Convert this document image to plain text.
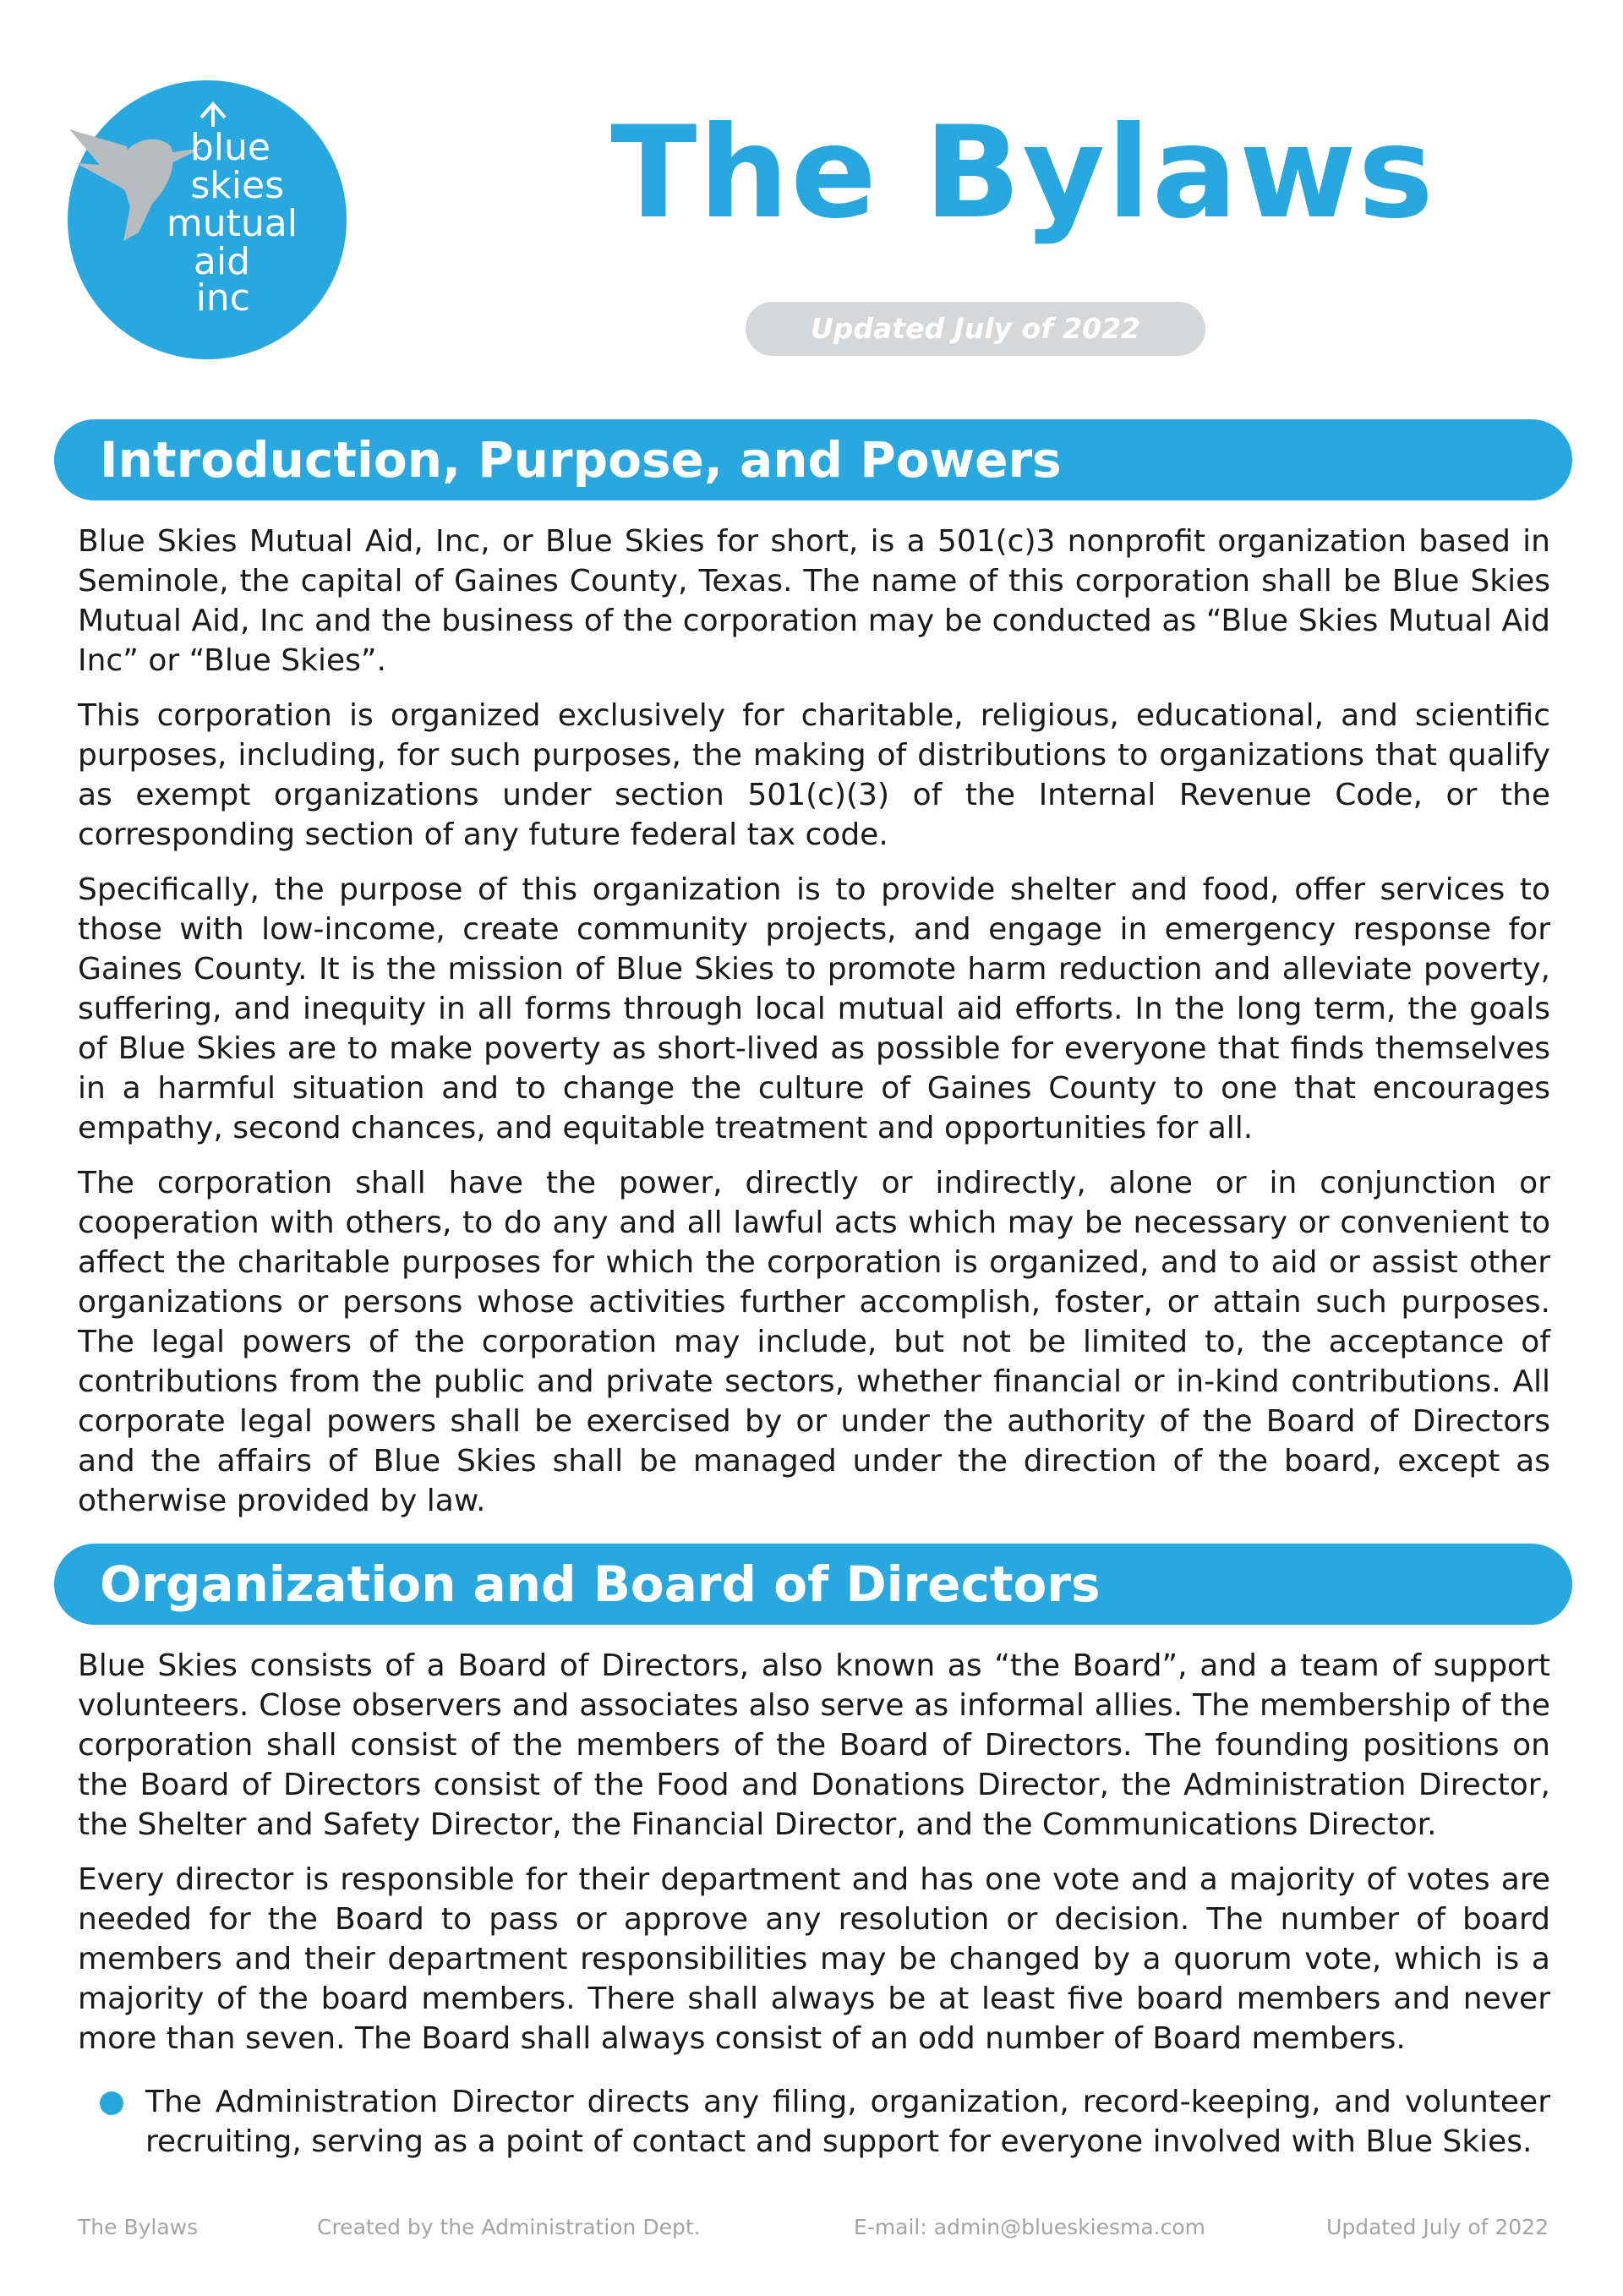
blue
skies
mutual
aid
inc
The Bylaws
Updated July of 2022
Introduction, Purpose, and Powers

Blue Skies Mutual Aid, Inc, or Blue Skies for short, is a 501(c)3 nonprofit organization based in Seminole, the capital of Gaines County, Texas. The name of this corporation shall be Blue Skies Mutual Aid, Inc and the business of the corporation may be conducted as “Blue Skies Mutual Aid Inc” or “Blue Skies”.

This corporation is organized exclusively for charitable, religious, educational, and scientific purposes, including, for such purposes, the making of distributions to organizations that qualify as exempt organizations under section 501(c)(3) of the Internal Revenue Code, or the corresponding section of any future federal tax code.

Specifically, the purpose of this organization is to provide shelter and food, offer services to those with low-income, create community projects, and engage in emergency response for Gaines County. It is the mission of Blue Skies to promote harm reduction and alleviate poverty, suffering, and inequity in all forms through local mutual aid efforts. In the long term, the goals of Blue Skies are to make poverty as short-lived as possible for everyone that finds themselves in a harmful situation and to change the culture of Gaines County to one that encourages empathy, second chances, and equitable treatment and opportunities for all.

The corporation shall have the power, directly or indirectly, alone or in conjunction or cooperation with others, to do any and all lawful acts which may be necessary or convenient to affect the charitable purposes for which the corporation is organized, and to aid or assist other organizations or persons whose activities further accomplish, foster, or attain such purposes. The legal powers of the corporation may include, but not be limited to, the acceptance of contributions from the public and private sectors, whether financial or in-kind contributions. All corporate legal powers shall be exercised by or under the authority of the Board of Directors and the affairs of Blue Skies shall be managed under the direction of the board, except as otherwise provided by law.

Organization and Board of Directors

Blue Skies consists of a Board of Directors, also known as “the Board”, and a team of support volunteers. Close observers and associates also serve as informal allies. The membership of the corporation shall consist of the members of the Board of Directors. The founding positions on the Board of Directors consist of the Food and Donations Director, the Administration Director, the Shelter and Safety Director, the Financial Director, and the Communications Director.

Every director is responsible for their department and has one vote and a majority of votes are needed for the Board to pass or approve any resolution or decision. The number of board members and their department responsibilities may be changed by a quorum vote, which is a majority of the board members. There shall always be at least five board members and never more than seven. The Board shall always consist of an odd number of Board members.

The Administration Director directs any filing, organization, record-keeping, and volunteer recruiting, serving as a point of contact and support for everyone involved with Blue Skies.

The Bylaws	Created by the Administration Dept.	E-mail: admin@blueskiesma.com	Updated July of 2022
